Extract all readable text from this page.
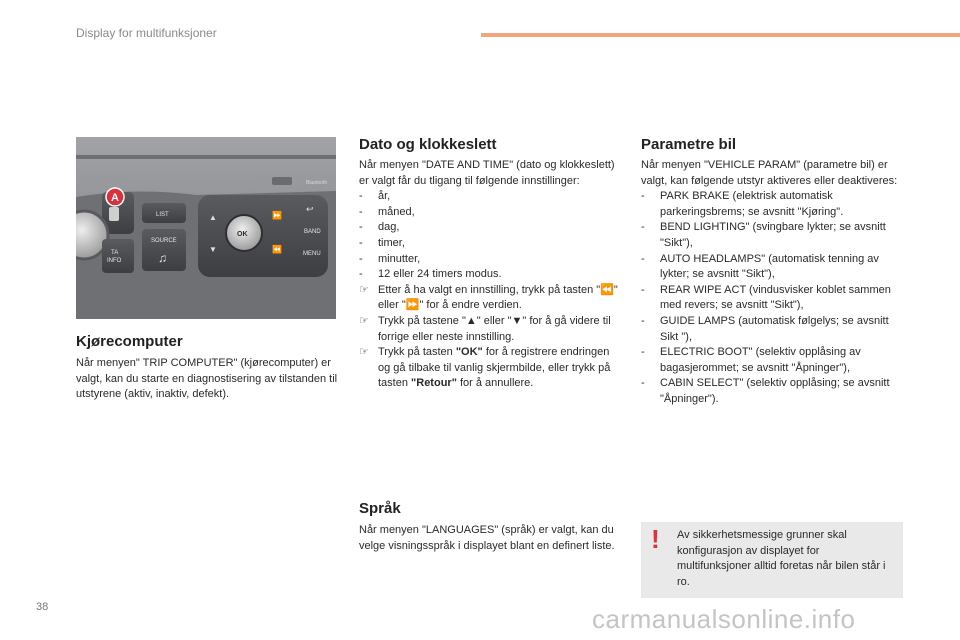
Display for multifunksjoner
Bluetooth
A
LIST
TA
INFO
SOURCE
♫
▲
▼
OK
⏩
⏪
↩
BAND
MENU
Kjørecomputer

Når menyen" TRIP COMPUTER" (kjørecomputer) er valgt, kan du starte en diagnostisering av tilstanden til utstyrene (aktiv, inaktiv, defekt).

Dato og klokkeslett

Når menyen "DATE AND TIME" (dato og klokkeslett) er valgt får du tligang til følgende innstillinger:

-	år,
-	måned,
-	dag,
-	timer,
-	minutter,
-	12 eller 24 timers modus.
☞ Etter å ha valgt en innstilling, trykk på tasten "⏪" eller "⏩" for å endre verdien.
☞ Trykk på tastene "▲" eller "▼" for å gå videre til forrige eller neste innstilling.
☞ Trykk på tasten "OK" for å registrere endringen og gå tilbake til vanlig skjermbilde, eller trykk på tasten "Retour" for å annullere.
Språk

Når menyen "LANGUAGES" (språk) er valgt, kan du velge visningsspråk i displayet blant en definert liste.

Parametre bil

Når menyen "VEHICLE PARAM" (parametre bil) er valgt, kan følgende utstyr aktiveres eller deaktiveres:

-	PARK BRAKE (elektrisk automatisk parkeringsbrems; se avsnitt "Kjøring".
-	BEND LIGHTING" (svingbare lykter; se avsnitt "Sikt"),
-	AUTO HEADLAMPS" (automatisk tenning av lykter; se avsnitt "Sikt"),
-	REAR WIPE ACT (vindusvisker koblet sammen med revers; se avsnitt "Sikt"),
-	GUIDE LAMPS (automatisk følgelys; se avsnitt Sikt "),
-	ELECTRIC BOOT" (selektiv opplåsing av bagasjerommet; se avsnitt "Åpninger"),
-	CABIN SELECT" (selektiv opplåsing; se avsnitt "Åpninger").
! Av sikkerhetsmessige grunner skal konfigurasjon av displayet for multifunksjoner alltid foretas når bilen står i ro.
38	carmanualsonline.info
